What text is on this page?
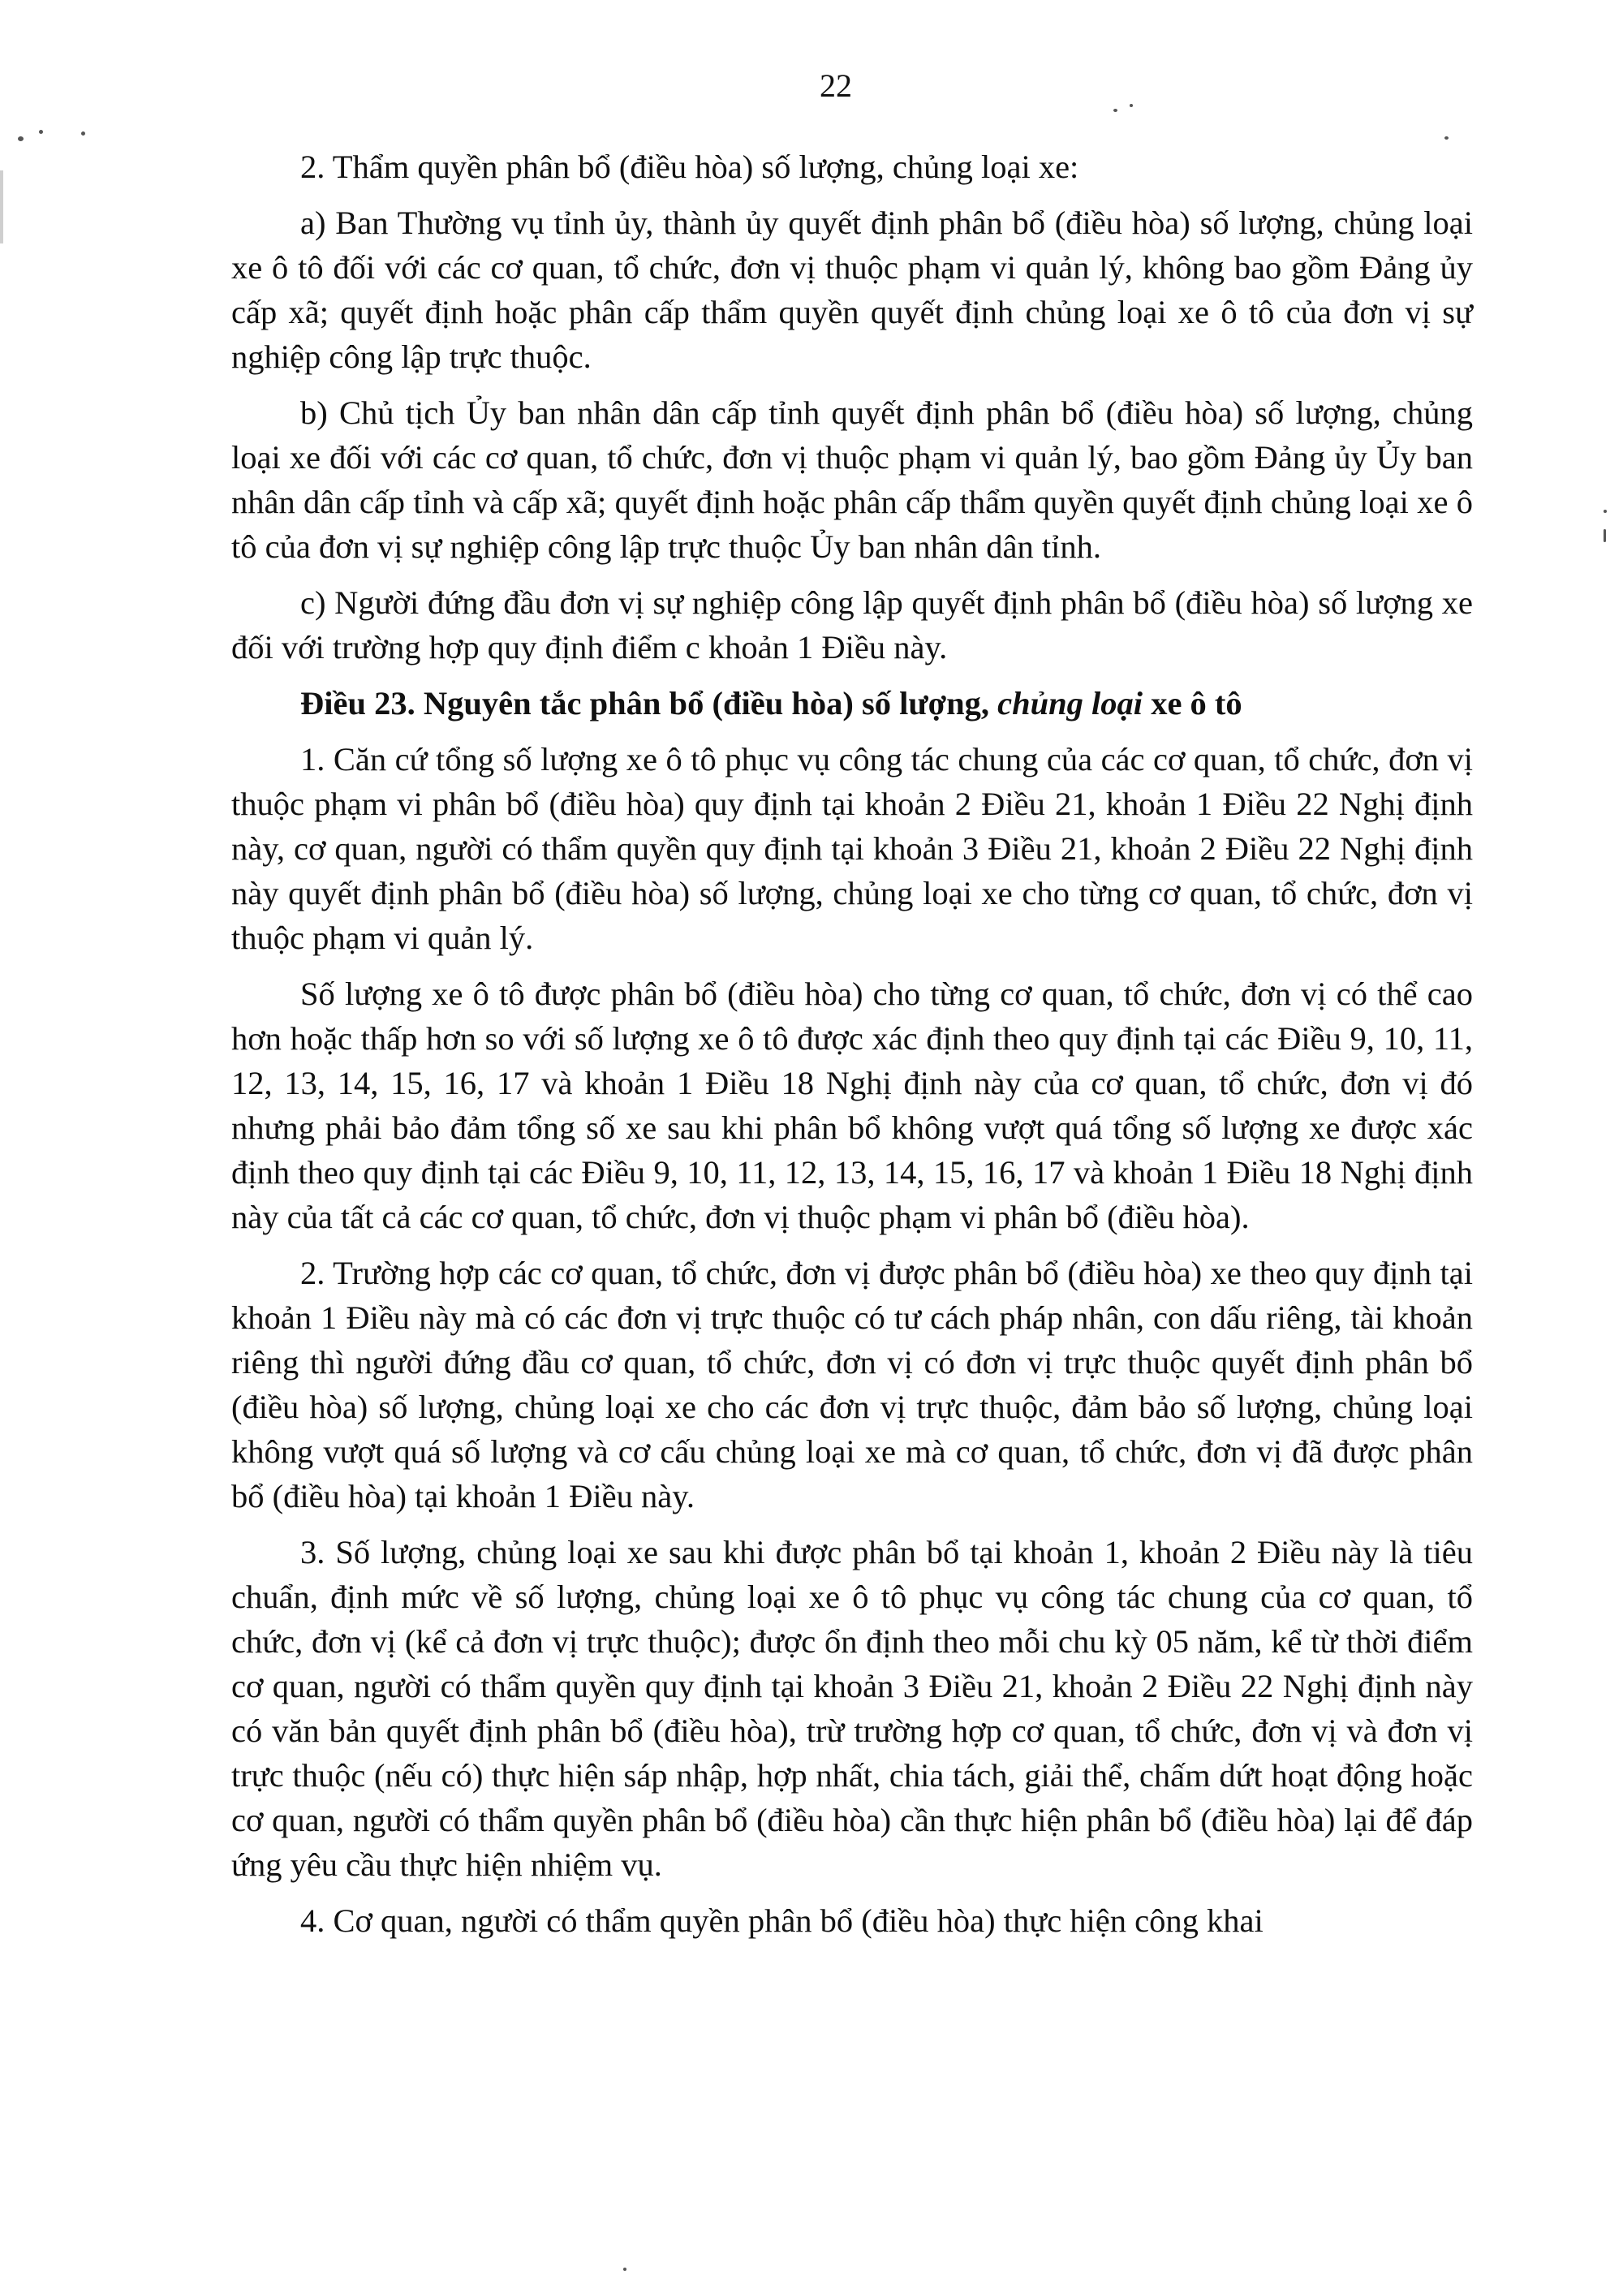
22

2. Thẩm quyền phân bổ (điều hòa) số lượng, chủng loại xe:

a) Ban Thường vụ tỉnh ủy, thành ủy quyết định phân bổ (điều hòa) số lượng, chủng loại xe ô tô đối với các cơ quan, tổ chức, đơn vị thuộc phạm vi quản lý, không bao gồm Đảng ủy cấp xã; quyết định hoặc phân cấp thẩm quyền quyết định chủng loại xe ô tô của đơn vị sự nghiệp công lập trực thuộc.

b) Chủ tịch Ủy ban nhân dân cấp tỉnh quyết định phân bổ (điều hòa) số lượng, chủng loại xe đối với các cơ quan, tổ chức, đơn vị thuộc phạm vi quản lý, bao gồm Đảng ủy Ủy ban nhân dân cấp tỉnh và cấp xã; quyết định hoặc phân cấp thẩm quyền quyết định chủng loại xe ô tô của đơn vị sự nghiệp công lập trực thuộc Ủy ban nhân dân tỉnh.

c) Người đứng đầu đơn vị sự nghiệp công lập quyết định phân bổ (điều hòa) số lượng xe đối với trường hợp quy định điểm c khoản 1 Điều này.

Điều 23. Nguyên tắc phân bổ (điều hòa) số lượng, chủng loại xe ô tô

1. Căn cứ tổng số lượng xe ô tô phục vụ công tác chung của các cơ quan, tổ chức, đơn vị thuộc phạm vi phân bổ (điều hòa) quy định tại khoản 2 Điều 21, khoản 1 Điều 22 Nghị định này, cơ quan, người có thẩm quyền quy định tại khoản 3 Điều 21, khoản 2 Điều 22 Nghị định này quyết định phân bổ (điều hòa) số lượng, chủng loại xe cho từng cơ quan, tổ chức, đơn vị thuộc phạm vi quản lý.

Số lượng xe ô tô được phân bổ (điều hòa) cho từng cơ quan, tổ chức, đơn vị có thể cao hơn hoặc thấp hơn so với số lượng xe ô tô được xác định theo quy định tại các Điều 9, 10, 11, 12, 13, 14, 15, 16, 17 và khoản 1 Điều 18 Nghị định này của cơ quan, tổ chức, đơn vị đó nhưng phải bảo đảm tổng số xe sau khi phân bổ không vượt quá tổng số lượng xe được xác định theo quy định tại các Điều 9, 10, 11, 12, 13, 14, 15, 16, 17 và khoản 1 Điều 18 Nghị định này của tất cả các cơ quan, tổ chức, đơn vị thuộc phạm vi phân bổ (điều hòa).

2. Trường hợp các cơ quan, tổ chức, đơn vị được phân bổ (điều hòa) xe theo quy định tại khoản 1 Điều này mà có các đơn vị trực thuộc có tư cách pháp nhân, con dấu riêng, tài khoản riêng thì người đứng đầu cơ quan, tổ chức, đơn vị có đơn vị trực thuộc quyết định phân bổ (điều hòa) số lượng, chủng loại xe cho các đơn vị trực thuộc, đảm bảo số lượng, chủng loại không vượt quá số lượng và cơ cấu chủng loại xe mà cơ quan, tổ chức, đơn vị đã được phân bổ (điều hòa) tại khoản 1 Điều này.

3. Số lượng, chủng loại xe sau khi được phân bổ tại khoản 1, khoản 2 Điều này là tiêu chuẩn, định mức về số lượng, chủng loại xe ô tô phục vụ công tác chung của cơ quan, tổ chức, đơn vị (kể cả đơn vị trực thuộc); được ổn định theo mỗi chu kỳ 05 năm, kể từ thời điểm cơ quan, người có thẩm quyền quy định tại khoản 3 Điều 21, khoản 2 Điều 22 Nghị định này có văn bản quyết định phân bổ (điều hòa), trừ trường hợp cơ quan, tổ chức, đơn vị và đơn vị trực thuộc (nếu có) thực hiện sáp nhập, hợp nhất, chia tách, giải thể, chấm dứt hoạt động hoặc cơ quan, người có thẩm quyền phân bổ (điều hòa) cần thực hiện phân bổ (điều hòa) lại để đáp ứng yêu cầu thực hiện nhiệm vụ.

4. Cơ quan, người có thẩm quyền phân bổ (điều hòa) thực hiện công khai
